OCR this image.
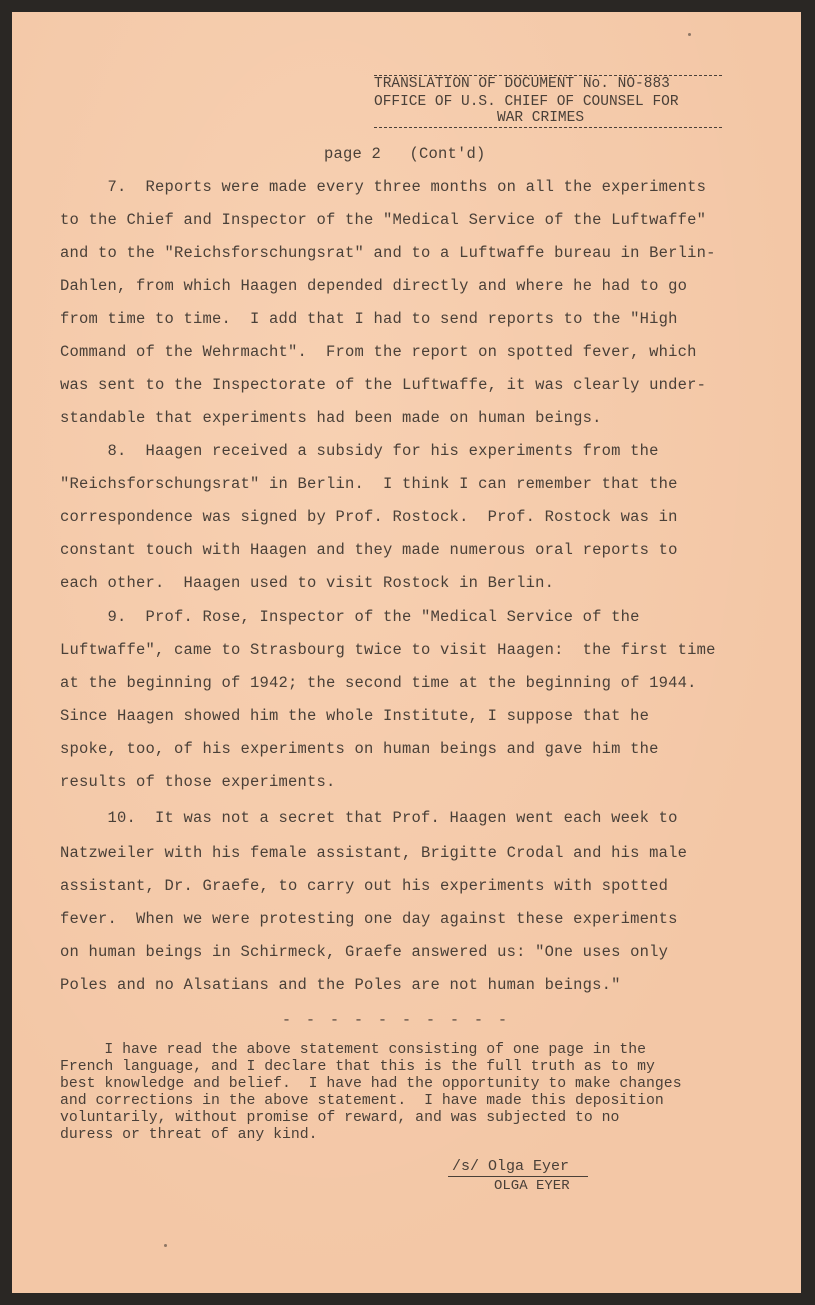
TRANSLATION OF DOCUMENT No. NO-883
OFFICE OF U.S. CHIEF OF COUNSEL FOR
WAR CRIMES
page 2   (Cont'd)
7.  Reports were made every three months on all the experiments
to the Chief and Inspector of the "Medical Service of the Luftwaffe"
and to the "Reichsforschungsrat" and to a Luftwaffe bureau in Berlin-
Dahlen, from which Haagen depended directly and where he had to go
from time to time.  I add that I had to send reports to the "High
Command of the Wehrmacht".  From the report on spotted fever, which
was sent to the Inspectorate of the Luftwaffe, it was clearly under-
standable that experiments had been made on human beings.
8.  Haagen received a subsidy for his experiments from the
"Reichsforschungsrat" in Berlin.  I think I can remember that the
correspondence was signed by Prof. Rostock.  Prof. Rostock was in
constant touch with Haagen and they made numerous oral reports to
each other.  Haagen used to visit Rostock in Berlin.
9.  Prof. Rose, Inspector of the "Medical Service of the
Luftwaffe", came to Strasbourg twice to visit Haagen:  the first time
at the beginning of 1942; the second time at the beginning of 1944.
Since Haagen showed him the whole Institute, I suppose that he
spoke, too, of his experiments on human beings and gave him the
results of those experiments.
10.  It was not a secret that Prof. Haagen went each week to
Natzweiler with his female assistant, Brigitte Crodal and his male
assistant, Dr. Graefe, to carry out his experiments with spotted
fever.  When we were protesting one day against these experiments
on human beings in Schirmeck, Graefe answered us: "One uses only
Poles and no Alsatians and the Poles are not human beings."
- - - - - - - - - -
I have read the above statement consisting of one page in the
French language, and I declare that this is the full truth as to my
best knowledge and belief.  I have had the opportunity to make changes
and corrections in the above statement.  I have made this deposition
voluntarily, without promise of reward, and was subjected to no
duress or threat of any kind.
/s/ Olga Eyer
OLGA EYER
